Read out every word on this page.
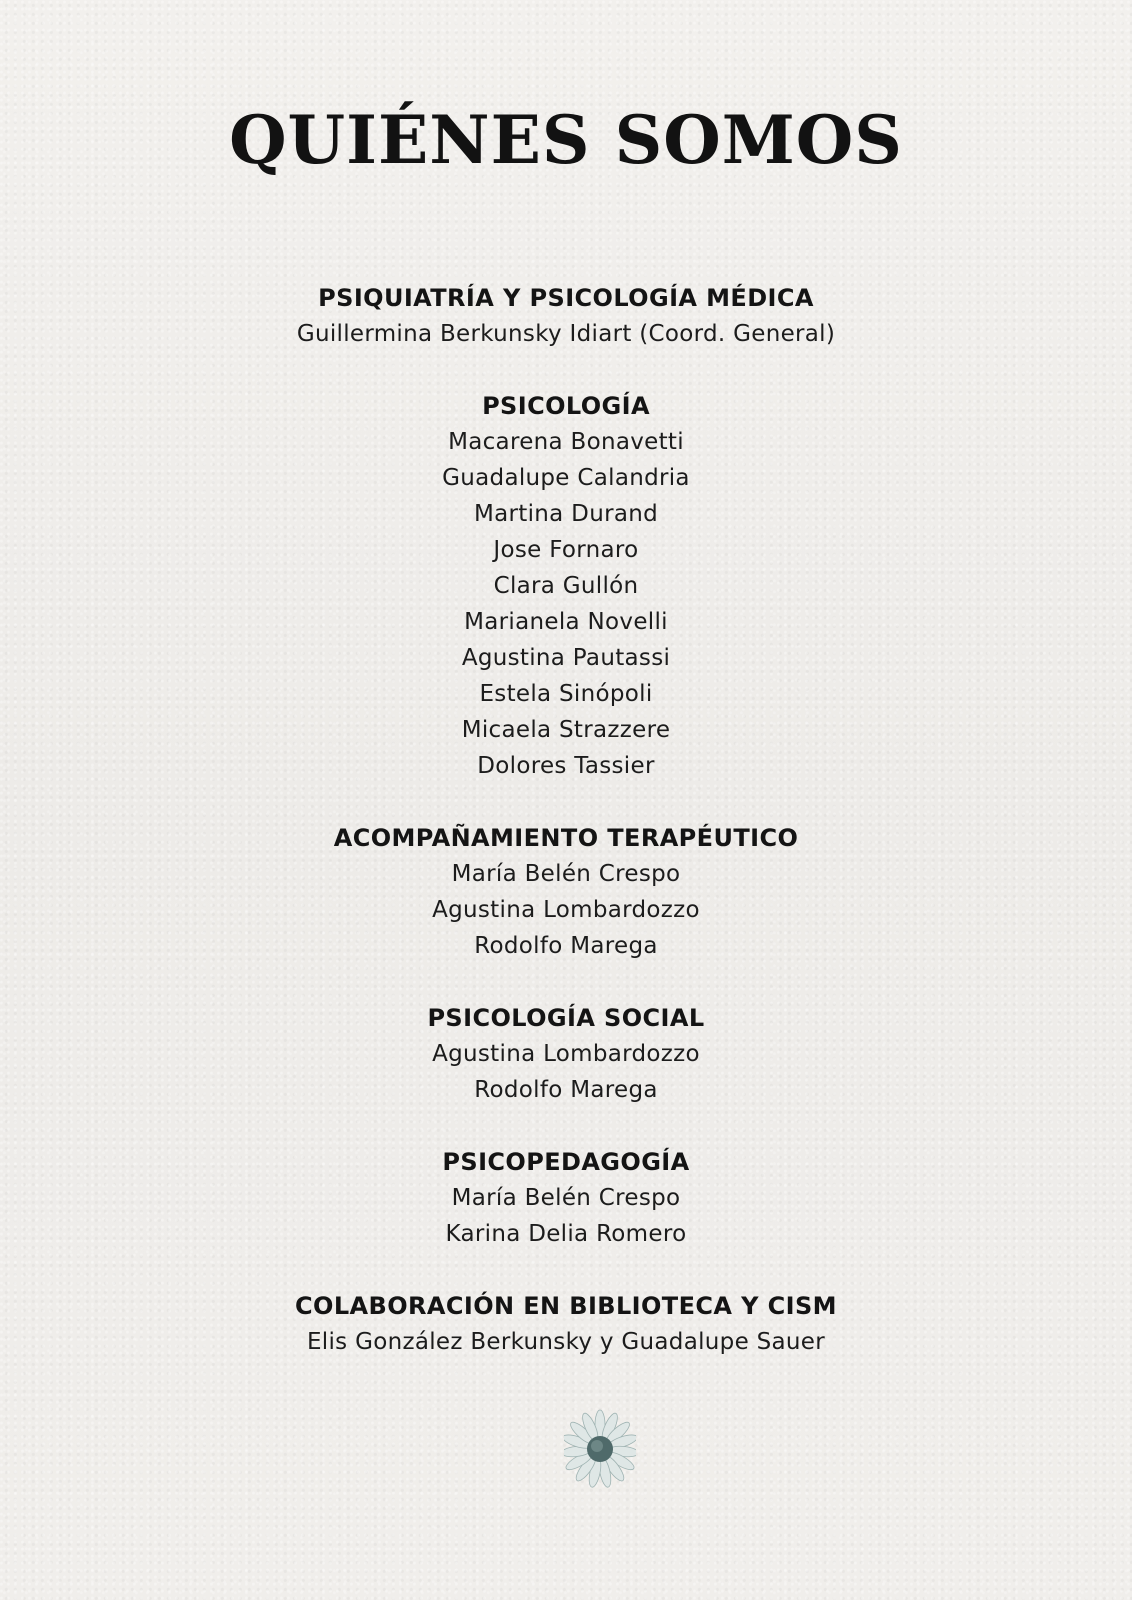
QUIÉNES SOMOS
PSIQUIATRÍA Y PSICOLOGÍA MÉDICA
Guillermina Berkunsky Idiart (Coord. General)
PSICOLOGÍA
Macarena Bonavetti
Guadalupe Calandria
Martina Durand
Jose Fornaro
Clara Gullón
Marianela Novelli
Agustina Pautassi
Estela Sinópoli
Micaela Strazzere
Dolores Tassier
ACOMPAÑAMIENTO TERAPÉUTICO
María Belén Crespo
Agustina Lombardozzo
Rodolfo Marega
PSICOLOGÍA SOCIAL
Agustina Lombardozzo
Rodolfo Marega
PSICOPEDAGOGÍA
María Belén Crespo
Karina Delia Romero
COLABORACIÓN EN BIBLIOTECA Y CISM
Elis González Berkunsky y Guadalupe Sauer
